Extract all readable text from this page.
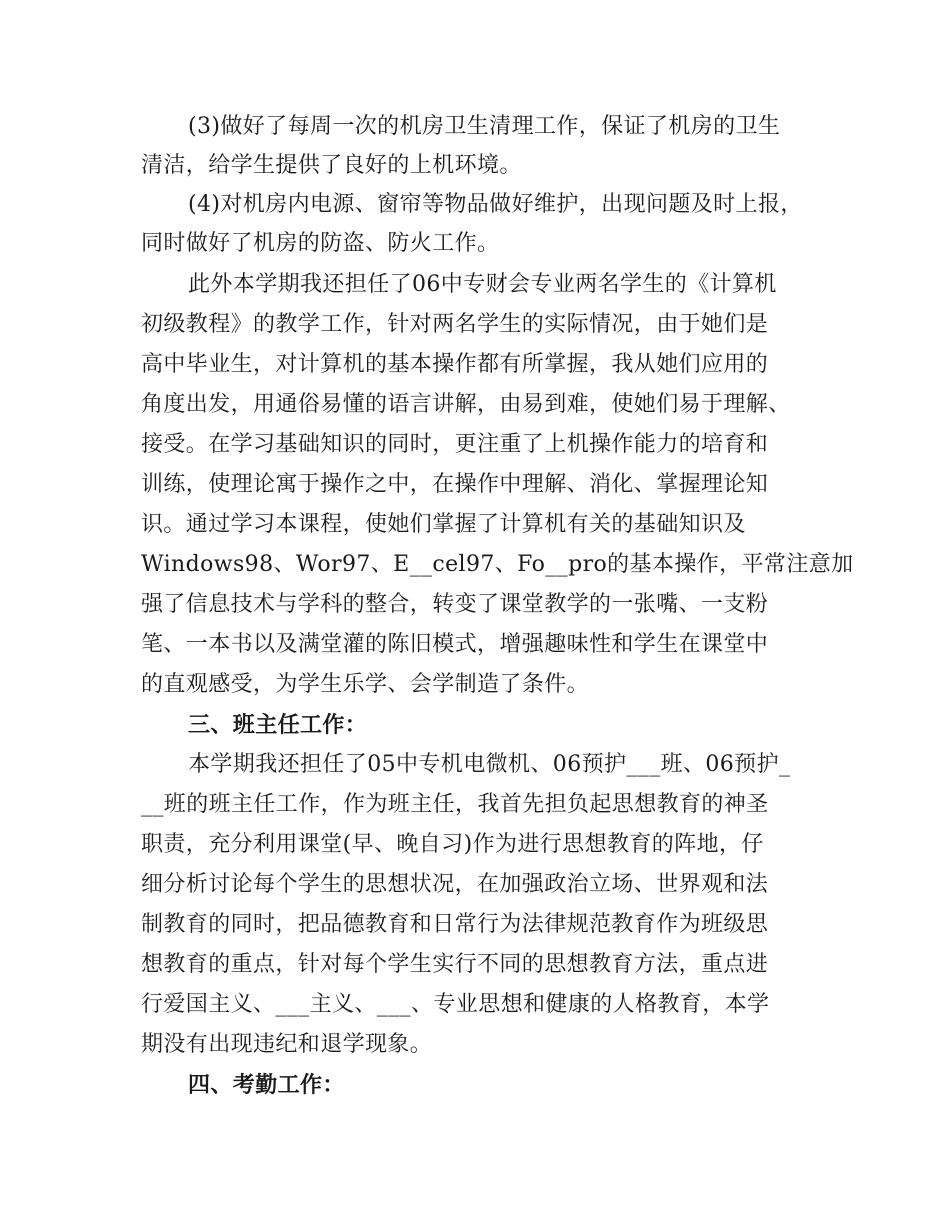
(3)做好了每周一次的机房卫生清理工作，保证了机房的卫生
清洁，给学生提供了良好的上机环境。
(4)对机房内电源、窗帘等物品做好维护，出现问题及时上报，
同时做好了机房的防盗、防火工作。
此外本学期我还担任了06中专财会专业两名学生的《计算机
初级教程》的教学工作，针对两名学生的实际情况，由于她们是
高中毕业生，对计算机的基本操作都有所掌握，我从她们应用的
角度出发，用通俗易懂的语言讲解，由易到难，使她们易于理解、
接受。在学习基础知识的同时，更注重了上机操作能力的培育和
训练，使理论寓于操作之中，在操作中理解、消化、掌握理论知
识。通过学习本课程，使她们掌握了计算机有关的基础知识及
Windows98、Wor97、E__cel97、Fo__pro的基本操作，平常注意加
强了信息技术与学科的整合，转变了课堂教学的一张嘴、一支粉
笔、一本书以及满堂灌的陈旧模式，增强趣味性和学生在课堂中
的直观感受，为学生乐学、会学制造了条件。
三、班主任工作：
本学期我还担任了05中专机电微机、06预护___班、06预护_
__班的班主任工作，作为班主任，我首先担负起思想教育的神圣
职责，充分利用课堂(早、晚自习)作为进行思想教育的阵地，仔
细分析讨论每个学生的思想状况，在加强政治立场、世界观和法
制教育的同时，把品德教育和日常行为法律规范教育作为班级思
想教育的重点，针对每个学生实行不同的思想教育方法，重点进
行爱国主义、___主义、___、专业思想和健康的人格教育，本学
期没有出现违纪和退学现象。
四、考勤工作：
